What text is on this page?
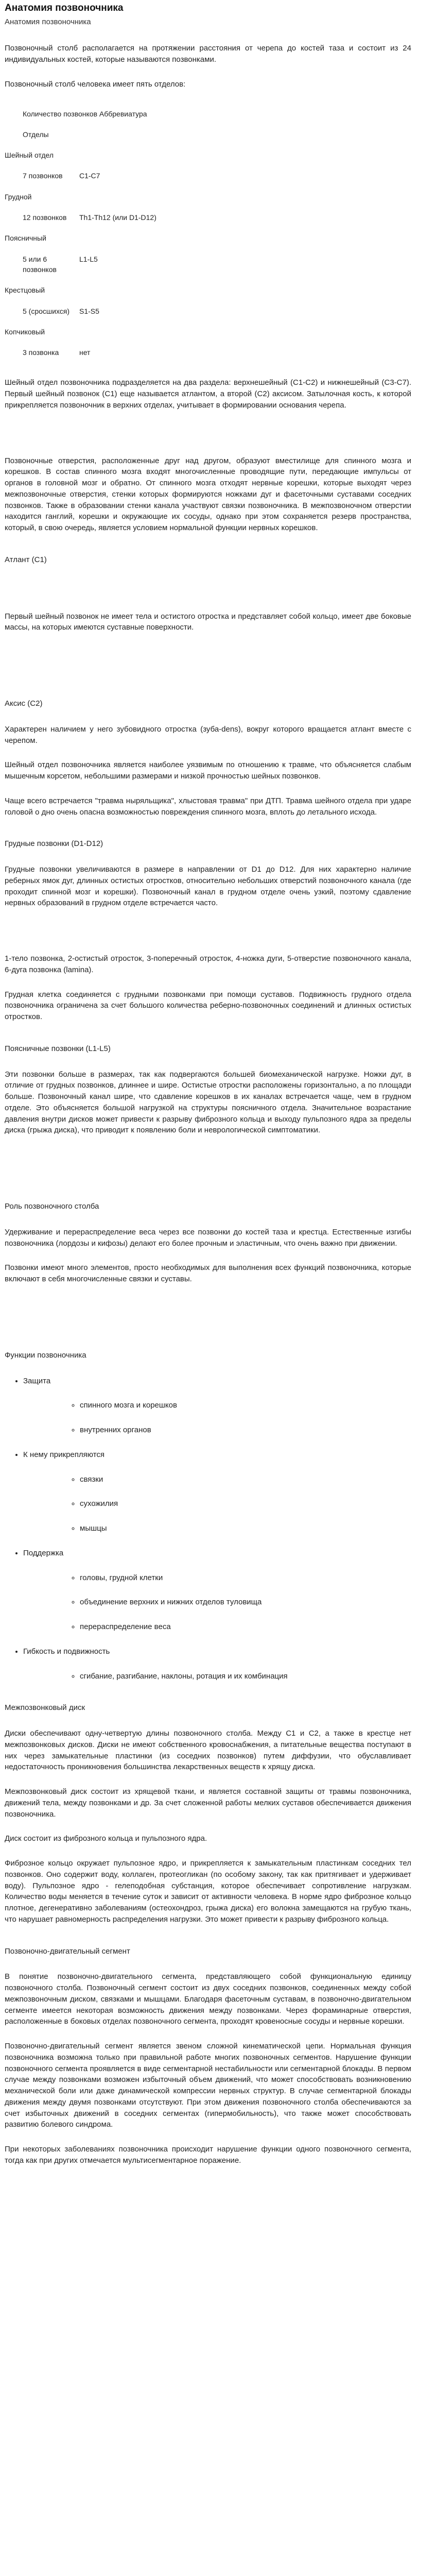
Анатомия позвоночника
Анатомия позвоночника

Позвоночный столб располагается на протяжении расстояния от черепа до костей таза и состоит из 24 индивидуальных костей, которые называются позвонками.

Позвоночный столб человека имеет пять отделов:

	Количество позвонков Аббревиатура	
Отделы		
Шейный отдел		
	7 позвонков		C1-C7
Грудной		
	12 позвонков		Th1-Th12 (или D1-D12)
Поясничный		
	5 или 6 позвонков		L1-L5
Крестцовый		
	5 (сросшихся)		S1-S5
Копчиковый		
	3 позвонка		нет

Шейный отдел позвоночника подразделяется на два раздела: верхнешейный (C1-C2) и нижнешейный (C3-C7). Первый шейный позвонок (C1) еще называется атлантом, а второй (C2) аксисом. Затылочная кость, к которой прикрепляется позвоночник в верхних отделах, учитывает в формировании основания черепа.

Позвоночные отверстия, расположенные друг над другом, образуют вместилище для спинного мозга и корешков. В состав спинного мозга входят многочисленные проводящие пути, передающие импульсы от органов в головной мозг и обратно. От спинного мозга отходят нервные корешки, которые выходят через межпозвоночные отверстия, стенки которых формируются ножками дуг и фасеточными суставами соседних позвонков. Также в образовании стенки канала участвуют связки позвоночника. В межпозвоночном отверстии находится ганглий, корешки и окружающие их сосуды, однако при этом сохраняется резерв пространства, который, в свою очередь, является условием нормальной функции нервных корешков.

Атлант (C1)

Первый шейный позвонок не имеет тела и остистого отростка и представляет собой кольцо, имеет две боковые массы, на которых имеются суставные поверхности.

Аксис (C2)

Характерен наличием у него зубовидного отростка (зуба-dens), вокруг которого вращается атлант вместе с черепом.

Шейный отдел позвоночника является наиболее уязвимым по отношению к травме, что объясняется слабым мышечным корсетом, небольшими размерами и низкой прочностью шейных позвонков.

Чаще всего встречается "травма ныряльщика", хлыстовая травма" при ДТП. Травма шейного отдела при ударе головой о дно очень опасна возможностью повреждения спинного мозга, вплоть до летального исхода.

Грудные позвонки (D1-D12)

Грудные позвонки увеличиваются в размере в направлении от D1 до D12. Для них характерно наличие реберных ямок дуг, длинных остистых отростков, относительно небольших отверстий позвоночного канала (где проходит спинной мозг и корешки). Позвоночный канал в грудном отделе очень узкий, поэтому сдавление нервных образований в грудном отделе встречается часто.

1-тело позвонка, 2-остистый отросток, 3-поперечный отросток, 4-ножка дуги, 5-отверстие позвоночного канала, 6-дуга позвонка (lamina).

Грудная клетка соединяется с грудными позвонками при помощи суставов. Подвижность грудного отдела позвоночника ограничена за счет большого количества реберно-позвоночных соединений и длинных остистых отростков.

Поясничные позвонки (L1-L5)

Эти позвонки больше в размерах, так как подвергаются большей биомеханической нагрузке. Ножки дуг, в отличие от грудных позвонков, длиннее и шире. Остистые отростки расположены горизонтально, а по площади больше. Позвоночный канал шире, что сдавление корешков в их каналах встречается чаще, чем в грудном отделе. Это объясняется большой нагрузкой на структуры поясничного отдела. Значительное возрастание давления внутри дисков может привести к разрыву фиброзного кольца и выходу пульпозного ядра за пределы диска (грыжа диска), что приводит к появлению боли и неврологической симптоматики.

Роль позвоночного столба

Удерживание и перераспределение веса через все позвонки до костей таза и крестца. Естественные изгибы позвоночника (лордозы и кифозы) делают его более прочным и эластичным, что очень важно при движении.

Позвонки имеют много элементов, просто необходимых для выполнения всех функций позвоночника, которые включают в себя многочисленные связки и суставы.

Функции позвоночника

• Защита
◦ спинного мозга и корешков
◦ внутренних органов
• К нему прикрепляются
◦ связки
◦ сухожилия
◦ мышцы
• Поддержка
◦ головы, грудной клетки
◦ объединение верхних и нижних отделов туловища
◦ перераспределение веса
• Гибкость и подвижность
◦ сгибание, разгибание, наклоны, ротация и их комбинация

Межпозвонковый диск

Диски обеспечивают одну-четвертую длины позвоночного столба. Между C1 и C2, а также в крестце нет межпозвонковых дисков. Диски не имеют собственного кровоснабжения, а питательные вещества поступают в них через замыкательные пластинки (из соседних позвонков) путем диффузии, что обуславливает недостаточность проникновения большинства лекарственных веществ к хрящу диска.

Межпозвонковый диск состоит из хрящевой ткани, и является составной защиты от травмы позвоночника, движений тела, между позвонками и др. За счет сложенной работы мелких суставов обеспечивается движения позвоночника.

Диск состоит из фиброзного кольца и пульпозного ядра.

Фиброзное кольцо окружает пульпозное ядро, и прикрепляется к замыкательным пластинкам соседних тел позвонков. Оно содержит воду, коллаген, протеогликан (по особому закону, так как притягивает и удерживает воду). Пульпозное ядро - гелеподобная субстанция, которое обеспечивает сопротивление нагрузкам. Количество воды меняется в течение суток и зависит от активности человека. В норме ядро фиброзное кольцо плотное, дегенеративно заболеваниям (остеохондроз, грыжа диска) его волокна замещаются на грубую ткань, что нарушает равномерность распределения нагрузки. Это может привести к разрыву фиброзного кольца.

Позвоночно-двигательный сегмент

В понятие позвоночно-двигательного сегмента, представляющего собой функциональную единицу позвоночного столба. Позвоночный сегмент состоит из двух соседних позвонков, соединенных между собой межпозвоночным диском, связками и мышцами. Благодаря фасеточным суставам, в позвоночно-двигательном сегменте имеется некоторая возможность движения между позвонками. Через фораминарные отверстия, расположенные в боковых отделах позвоночного сегмента, проходят кровеносные сосуды и нервные корешки.

Позвоночно-двигательный сегмент является звеном сложной кинематической цепи. Нормальная функция позвоночника возможна только при правильной работе многих позвоночных сегментов. Нарушение функции позвоночного сегмента проявляется в виде сегментарной нестабильности или сегментарной блокады. В первом случае между позвонками возможен избыточный объем движений, что может способствовать возникновению механической боли или даже динамической компрессии нервных структур. В случае сегментарной блокады движения между двумя позвонками отсутствуют. При этом движения позвоночного столба обеспечиваются за счет избыточных движений в соседних сегментах (гипермобильность), что также может способствовать развитию болевого синдрома.

При некоторых заболеваниях позвоночника происходит нарушение функции одного позвоночного сегмента, тогда как при других отмечается мультисегментарное поражение.
